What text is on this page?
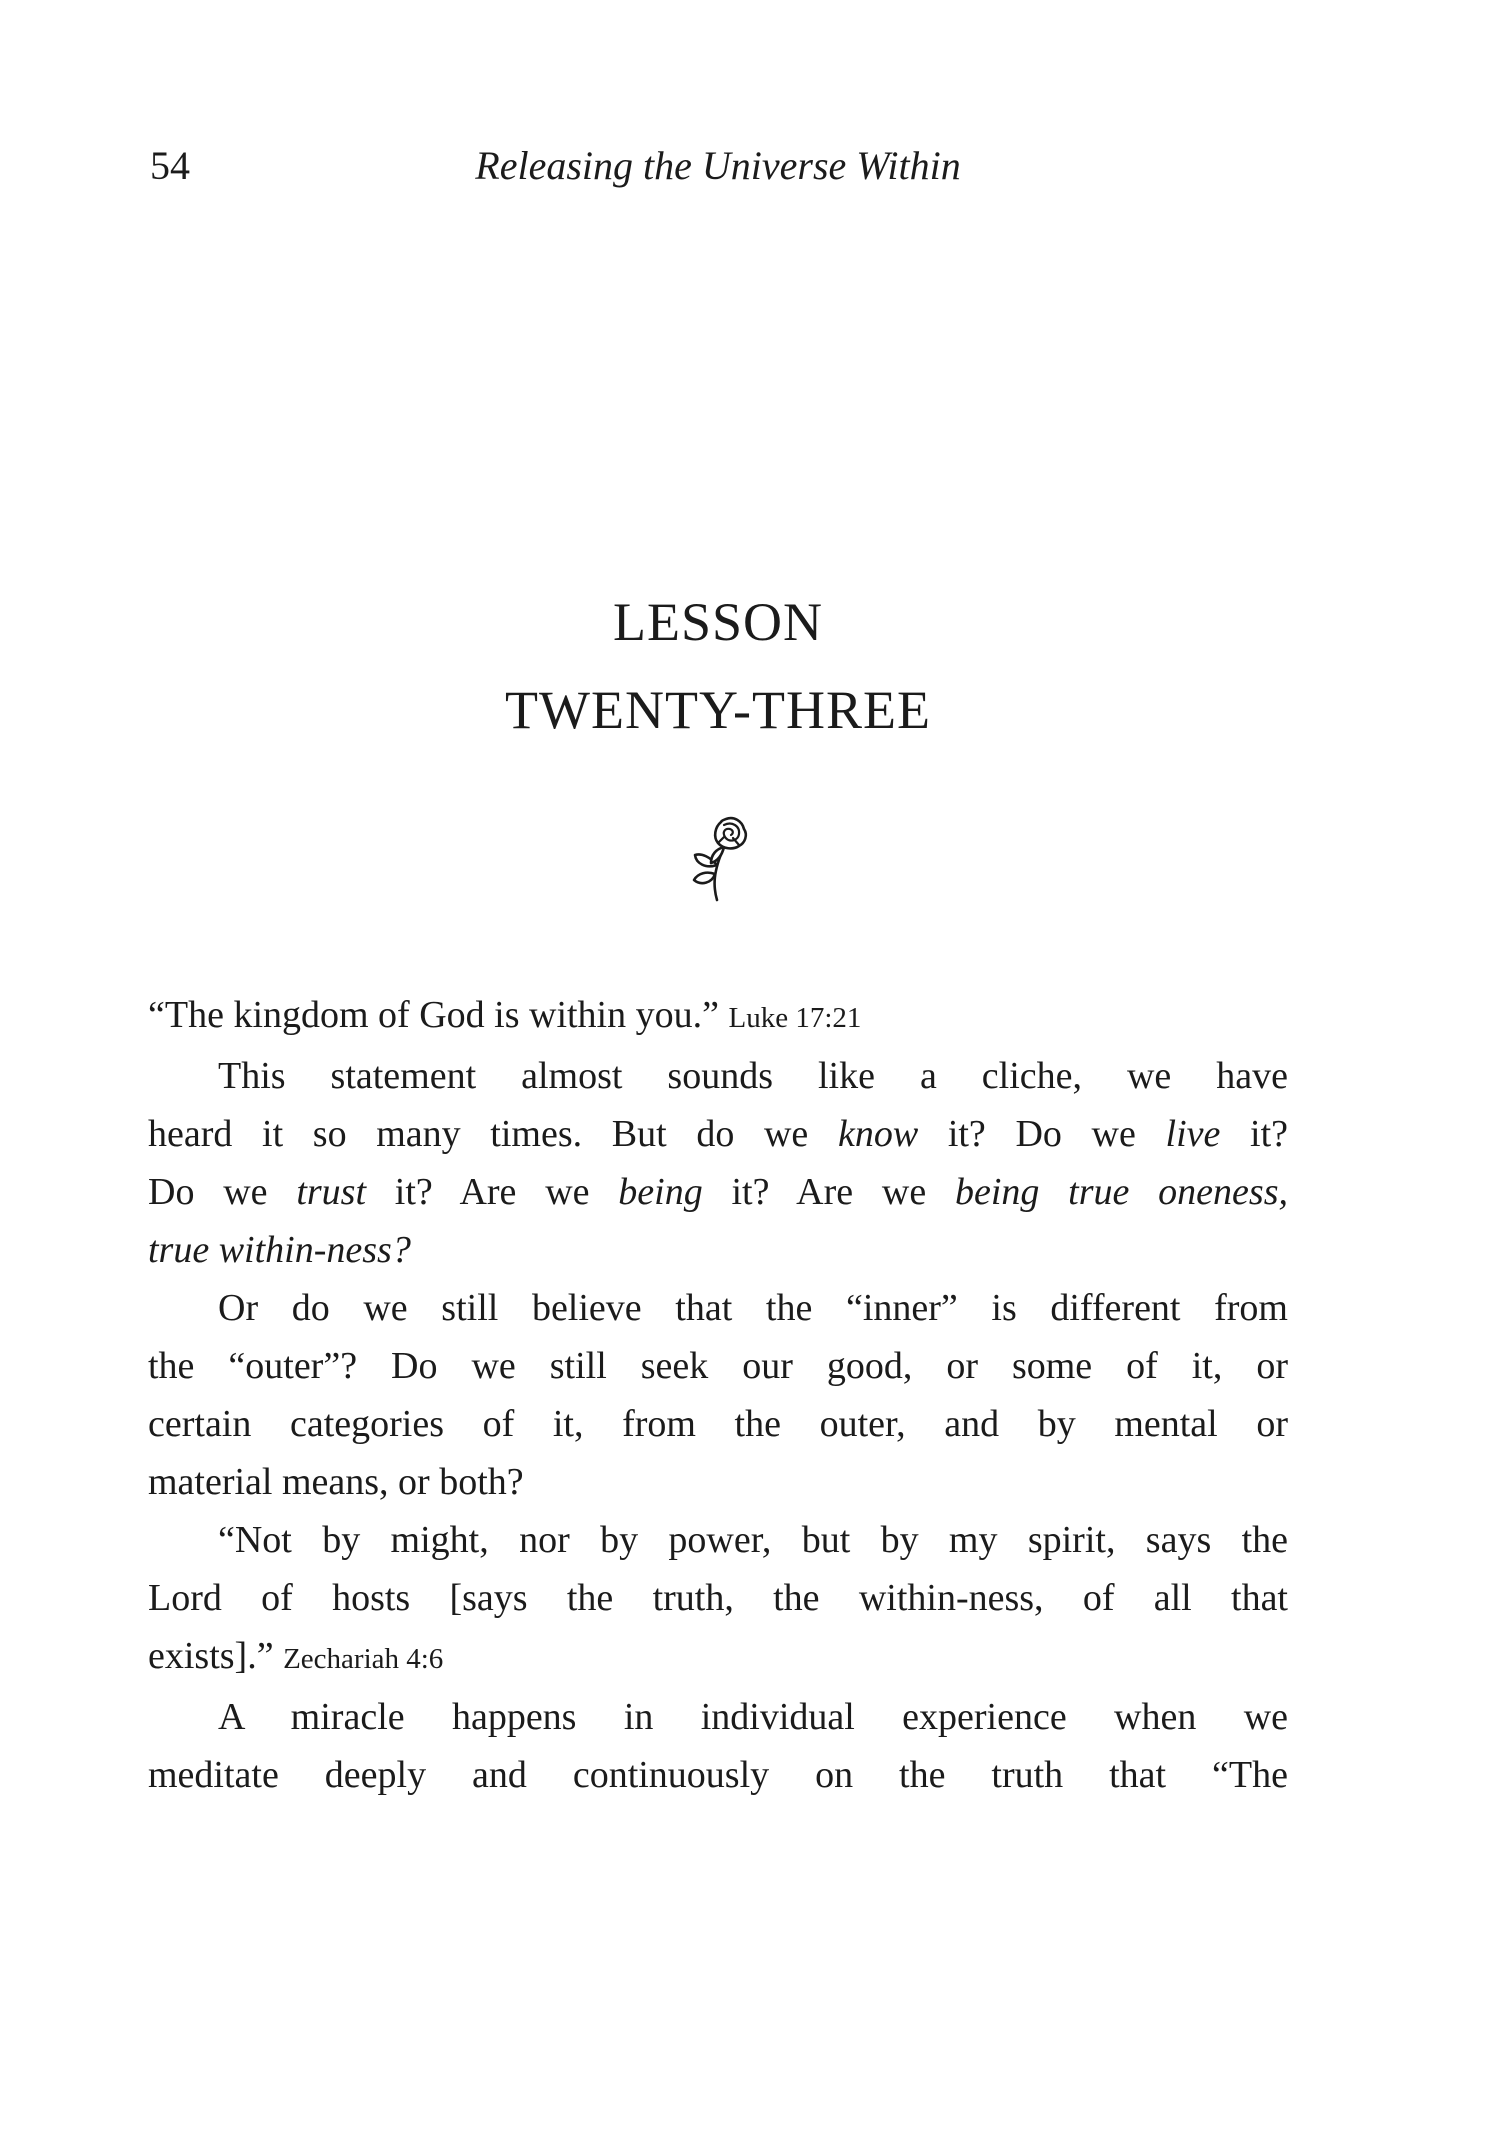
54	Releasing the Universe Within
LESSON
TWENTY-THREE
“The kingdom of God is within you.” Luke 17:21
This statement almost sounds like a cliche, we have
heard it so many times. But do we know it? Do we live it?
Do we trust it? Are we being it? Are we being true oneness,
true within-ness?
Or do we still believe that the “inner” is different from
the “outer”? Do we still seek our good, or some of it, or
certain categories of it, from the outer, and by mental or
material means, or both?
“Not by might, nor by power, but by my spirit, says the
Lord of hosts [says the truth, the within-ness, of all that
exists].” Zechariah 4:6
A miracle happens in individual experience when we
meditate deeply and continuously on the truth that “The
